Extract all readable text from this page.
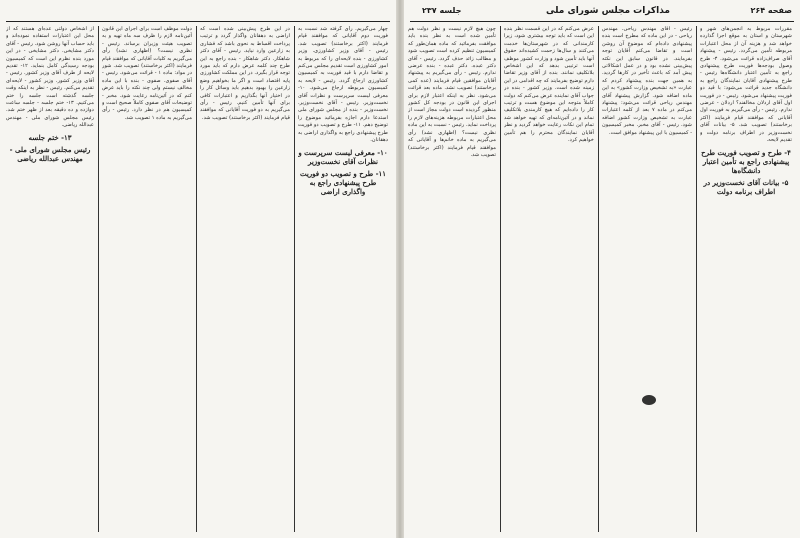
صفحه ۲۶۴
مذاکرات مجلس شورای ملی
جلسه ۲۳۷

چون هیچ لازم نیست و نظر دولت هم تأمین شده است به نظر بنده باید موافقت بفرمائید که ماده همان‌طور که کمیسیون تنظیم کرده است تصویب شود و مطالب زائد حذف گردد. رئیس - آقای دکتر عبده. دکتر عبده - بنده عرضی ندارم. رئیس - رأی می‌گیریم به پیشنهاد آقایان موافقین قیام فرمایند (عده کمی برخاستند) تصویب نشد. ماده بعد قرائت می‌شود. نظر به اینکه اعتبار لازم برای اجرای این قانون در بودجه کل کشور منظور گردیده است دولت مجاز است از محل اعتبارات مربوطه هزینه‌های لازم را پرداخت نماید. رئیس - نسبت به این ماده نظری نیست؟ (اظهاری نشد) رأی می‌گیریم به ماده خانم‌ها و آقایانی که موافقند قیام فرمایند (اکثر برخاستند) تصویب شد.

عرض می‌کنم که در این قسمت نظر بنده این است که باید توجه بیشتری شود، زیرا کارمندانی که در شهرستان‌ها خدمت می‌کنند و سال‌ها زحمت کشیده‌اند حقوق آنها باید تأمین شود و وزارت کشور موظف است ترتیبی بدهد که این اشخاص بلاتکلیف نمانند. بنده از آقای وزیر تقاضا دارم توضیح بفرمایند که چه اقدامی در این زمینه شده است. وزیر کشور - بنده در جواب آقای نماینده عرض می‌کنم که دولت کاملاً متوجه این موضوع هست و ترتیب کار را داده‌ایم که هیچ کارمندی بلاتکلیف نماند و در آئین‌نامه‌ای که تهیه خواهد شد تمام این نکات رعایت خواهد گردید و نظر آقایان نمایندگان محترم را هم تأمین خواهیم کرد.

رئیس - آقای مهندس ریاحی. مهندس ریاحی - در این ماده که مطرح است بنده پیشنهادی داده‌ام که موضوع آن روشن است و تقاضا می‌کنم آقایان توجه بفرمایند. در قانون سابق این نکته پیش‌بینی نشده بود و در عمل اشکالاتی پیش آمد که باعث تأخیر در کارها گردید. به همین جهت بنده پیشنهاد کردم که عبارت «به تشخیص وزارت کشور» به این ماده اضافه شود. گزارش پیشنهاد آقای مهندس ریاحی قرائت می‌شود: پیشنهاد می‌کنم در ماده ۷ بعد از کلمه اعتبارات عبارت به تشخیص وزارت کشور اضافه شود. رئیس - آقای مخبر. مخبر کمیسیون - کمیسیون با این پیشنهاد موافق است.

مقررات مربوط به انجمن‌های شهر و شهرستان و استان به موقع اجرا گذارده خواهد شد و هزینه آن از محل اعتبارات مربوطه تأمین می‌گردد. رئیس - پیشنهاد آقای صراف‌زاده قرائت می‌شود. ۴- طرح وصول بودجه‌ها فوریت طرح پیشنهادی راجع به تأمین اعتبار دانشگاه‌ها رئیس - طرح پیشنهادی آقایان نمایندگان راجع به دانشگاه جدید قرائت می‌شود: با قید دو فوریت پیشنهاد می‌شود. رئیس - در فوریت اول آقای اردلان مخالفند؟ اردلان - عرضی ندارم. رئیس - رأی می‌گیریم به فوریت اول آقایانی که موافقند قیام فرمایند (اکثر برخاستند) تصویب شد. ۵- بیانات آقای نخست‌وزیر در اطراف برنامه دولت و تقدیم لایحه.

۴- طرح و تصویب فوریت طرح پیشنهادی راجع به تأمین اعتبار دانشگاه‌ها
۵- بیانات آقای نخست‌وزیر در اطراف برنامه دولت

از اشخاص دولتی عده‌ای هستند که از محل این اعتبارات استفاده نموده‌اند و باید حساب آنها روشن شود. رئیس - آقای دکتر مشایخی. دکتر مشایخی - در این مورد بنده نظرم این است که کمیسیون بودجه رسیدگی کامل بنماید. ۱۲- تقدیم لایحه از طرف آقای وزیر کشور. رئیس - آقای وزیر کشور. وزیر کشور - لایحه‌ای تقدیم می‌کنم. رئیس - نظر به اینکه وقت جلسه گذشته است جلسه را ختم می‌کنیم. ۱۳- ختم جلسه - جلسه ساعت دوازده و ده دقیقه بعد از ظهر ختم شد. رئیس مجلس شورای ملی - مهندس عبدالله ریاضی.

۱۳- ختم جلسه
رئیس مجلس شورای ملی - مهندس عبدالله ریاضی

دولت موظف است برای اجرای این قانون آئین‌نامه لازم را ظرف سه ماه تهیه و به تصویب هیئت وزیران برساند. رئیس - نظری نیست؟ (اظهاری نشد) رأی می‌گیریم به کلیات آقایانی که موافقند قیام فرمایند (اکثر برخاستند) تصویب شد. شور در مواد: ماده ۱ - قرائت می‌شود. رئیس - آقای صفوی. صفوی - بنده با این ماده مخالف نیستم ولی چند نکته را باید عرض کنم که در آئین‌نامه رعایت شود. مخبر - توضیحات آقای صفوی کاملاً صحیح است و کمیسیون هم در نظر دارد. رئیس - رأی می‌گیریم به ماده ۱ تصویب شد.

در این طرح پیش‌بینی شده است که اراضی به دهقانان واگذار گردد و ترتیب پرداخت اقساط به نحوی باشد که فشاری به زارعین وارد نیاید. رئیس - آقای دکتر شاهکار. دکتر شاهکار - بنده راجع به این طرح چند کلمه عرض دارم که باید مورد توجه قرار بگیرد. در این مملکت کشاورزی پایه اقتصاد است و اگر ما بخواهیم وضع زارعین را بهبود بدهیم باید وسائل کار را در اختیار آنها بگذاریم و اعتبارات کافی برای آنها تأمین کنیم. رئیس - رأی می‌گیریم به دو فوریت آقایانی که موافقند قیام فرمایند (اکثر برخاستند) تصویب شد.

چهار می‌گیریم. رأی گرفته شد نسبت به فوریت دوم آقایانی که موافقند قیام فرمایند (اکثر برخاستند) تصویب شد. رئیس - آقای وزیر کشاورزی. وزیر کشاورزی - بنده لایحه‌ای را که مربوط به امور کشاورزی است تقدیم مجلس می‌کنم و تقاضا دارم با قید فوریت به کمیسیون کشاورزی ارجاع گردد. رئیس - لایحه به کمیسیون مربوطه ارجاع می‌شود. ۱۰- معرفی لیست سرپرست و نظرات آقای نخست‌وزیر. رئیس - آقای نخست‌وزیر. نخست‌وزیر - بنده از مجلس شورای ملی استدعا دارم اجازه بفرمائید موضوع را توضیح دهم. ۱۱- طرح و تصویب دو فوریت طرح پیشنهادی راجع به واگذاری اراضی به دهقانان.

۱۰- معرفی لیست سرپرست و نظرات آقای نخست‌وزیر
۱۱- طرح و تصویب دو فوریت طرح پیشنهادی راجع به واگذاری اراضی
